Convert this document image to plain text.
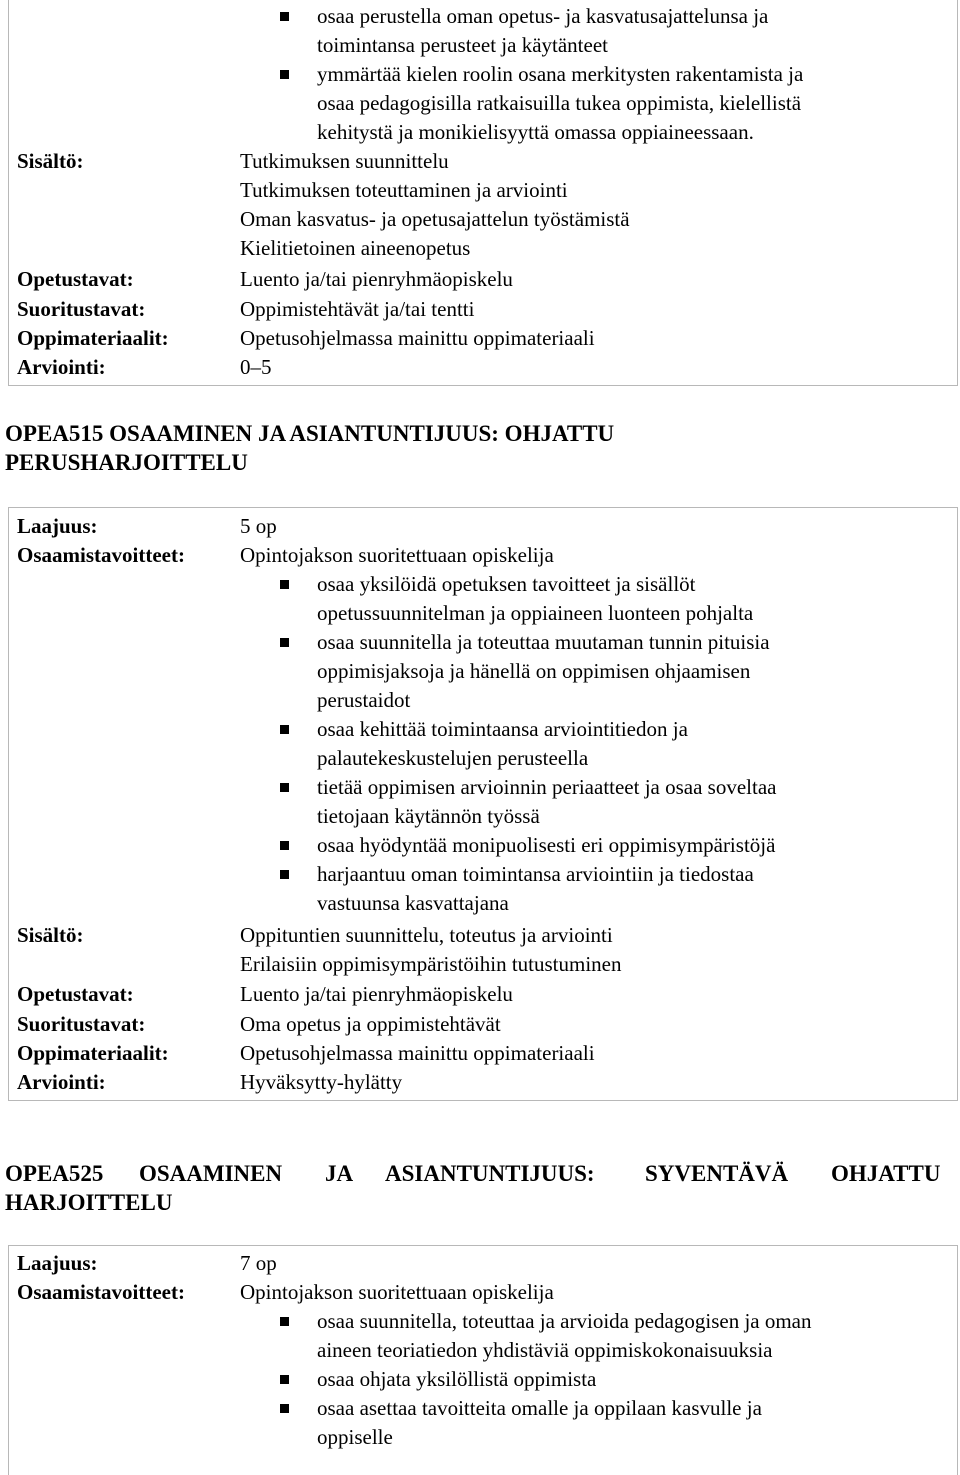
osaa perustella oman opetus- ja kasvatusajattelunsa ja
toimintansa perusteet ja käytänteet
ymmärtää kielen roolin osana merkitysten rakentamista ja
osaa pedagogisilla ratkaisuilla tukea oppimista, kielellistä
kehitystä ja monikielisyyttä omassa oppiaineessaan.
Sisältö:	Tutkimuksen suunnittelu
Tutkimuksen toteuttaminen ja arviointi
Oman kasvatus- ja opetusajattelun työstämistä
Kielitietoinen aineenopetus
Opetustavat:	Luento ja/tai pienryhmäopiskelu
Suoritustavat:	Oppimistehtävät ja/tai tentti
Oppimateriaalit:	Opetusohjelmassa mainittu oppimateriaali
Arviointi:	0–5
OPEA515 OSAAMINEN JA ASIANTUNTIJUUS: OHJATTU
PERUSHARJOITTELU
Laajuus:	5 op
Osaamistavoitteet:	Opintojakson suoritettuaan opiskelija
osaa yksilöidä opetuksen tavoitteet ja sisällöt
opetussuunnitelman ja oppiaineen luonteen pohjalta
osaa suunnitella ja toteuttaa muutaman tunnin pituisia
oppimisjaksoja ja hänellä on oppimisen ohjaamisen
perustaidot
osaa kehittää toimintaansa arviointitiedon ja
palautekeskustelujen perusteella
tietää oppimisen arvioinnin periaatteet ja osaa soveltaa
tietojaan käytännön työssä
osaa hyödyntää monipuolisesti eri oppimisympäristöjä
harjaantuu oman toimintansa arviointiin ja tiedostaa
vastuunsa kasvattajana
Sisältö:	Oppituntien suunnittelu, toteutus ja arviointi
Erilaisiin oppimisympäristöihin tutustuminen
Opetustavat:	Luento ja/tai pienryhmäopiskelu
Suoritustavat:	Oma opetus ja oppimistehtävät
Oppimateriaalit:	Opetusohjelmassa mainittu oppimateriaali
Arviointi:	Hyväksytty-hylätty
OPEA525 OSAAMINEN JA ASIANTUNTIJUUS: SYVENTÄVÄ OHJATTU
HARJOITTELU
Laajuus:	7 op
Osaamistavoitteet:	Opintojakson suoritettuaan opiskelija
osaa suunnitella, toteuttaa ja arvioida pedagogisen ja oman
aineen teoriatiedon yhdistäviä oppimiskokonaisuuksia
osaa ohjata yksilöllistä oppimista
osaa asettaa tavoitteita omalle ja oppilaan kasvulle ja
oppiselle
